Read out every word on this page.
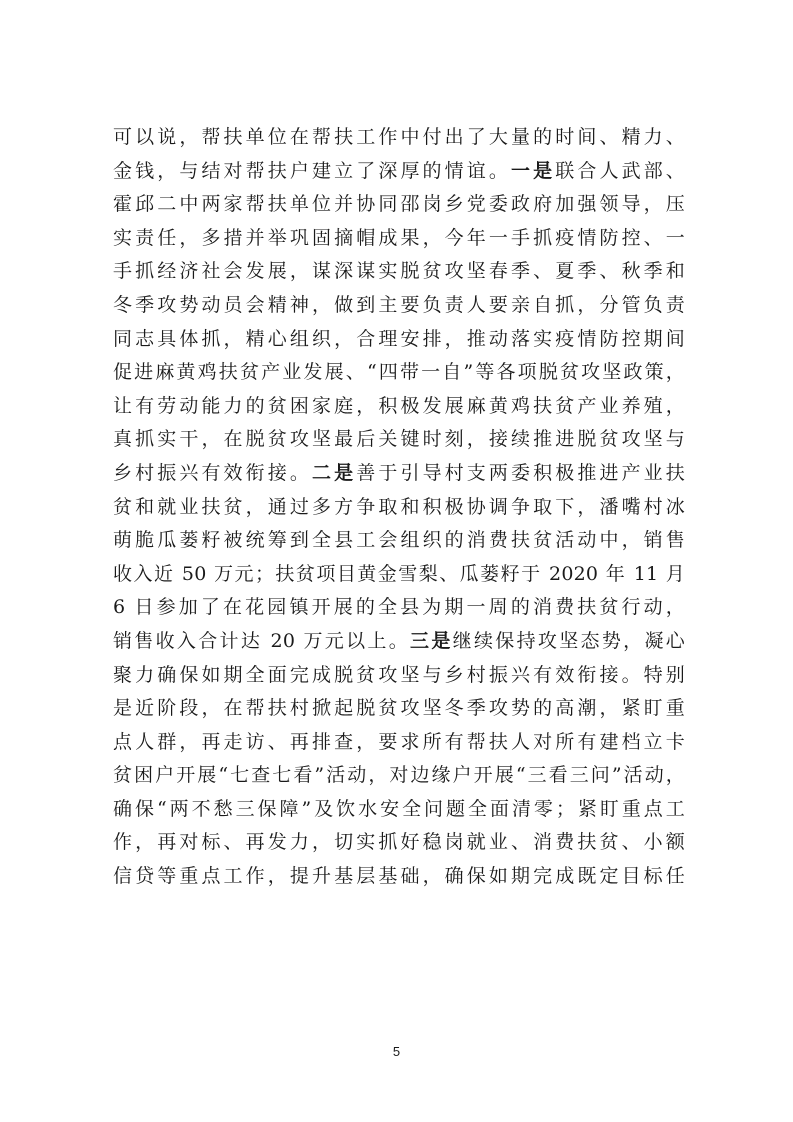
可以说，帮扶单位在帮扶工作中付出了大量的时间、精力、
金钱，与结对帮扶户建立了深厚的情谊。一是联合人武部、
霍邱二中两家帮扶单位并协同邵岗乡党委政府加强领导，压
实责任，多措并举巩固摘帽成果，今年一手抓疫情防控、一
手抓经济社会发展，谋深谋实脱贫攻坚春季、夏季、秋季和
冬季攻势动员会精神，做到主要负责人要亲自抓，分管负责
同志具体抓，精心组织，合理安排，推动落实疫情防控期间
促进麻黄鸡扶贫产业发展、“四带一自”等各项脱贫攻坚政策，
让有劳动能力的贫困家庭，积极发展麻黄鸡扶贫产业养殖，
真抓实干，在脱贫攻坚最后关键时刻，接续推进脱贫攻坚与
乡村振兴有效衔接。二是善于引导村支两委积极推进产业扶
贫和就业扶贫，通过多方争取和积极协调争取下，潘嘴村冰
萌脆瓜蒌籽被统筹到全县工会组织的消费扶贫活动中，销售
收入近 50 万元；扶贫项目黄金雪梨、瓜蒌籽于 2020 年 11 月
6 日参加了在花园镇开展的全县为期一周的消费扶贫行动，
销售收入合计达 20 万元以上。三是继续保持攻坚态势，凝心
聚力确保如期全面完成脱贫攻坚与乡村振兴有效衔接。特别
是近阶段，在帮扶村掀起脱贫攻坚冬季攻势的高潮，紧盯重
点人群，再走访、再排查，要求所有帮扶人对所有建档立卡
贫困户开展“七查七看”活动，对边缘户开展“三看三问”活动，
确保“两不愁三保障”及饮水安全问题全面清零；紧盯重点工
作，再对标、再发力，切实抓好稳岗就业、消费扶贫、小额
信贷等重点工作，提升基层基础，确保如期完成既定目标任

5
